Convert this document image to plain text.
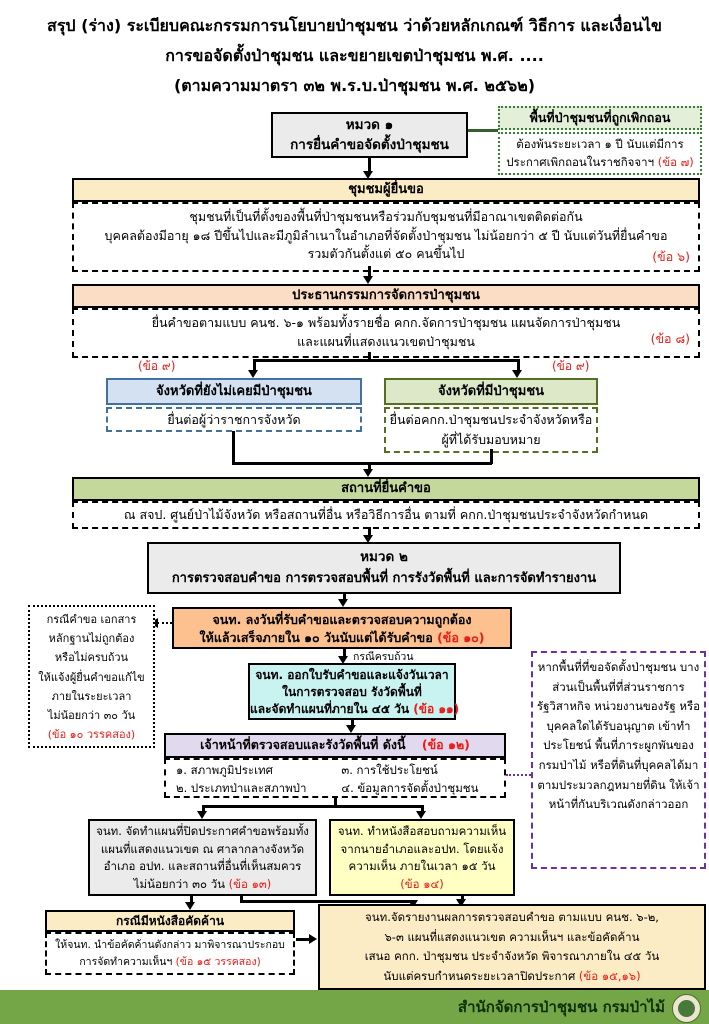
สรุป (ร่าง) ระเบียบคณะกรรมการนโยบายป่าชุมชน ว่าด้วยหลักเกณฑ์ วิธีการ และเงื่อนไข
การขอจัดตั้งป่าชุมชน และขยายเขตป่าชุมชน พ.ศ. ....
(ตามความมาตรา ๓๒ พ.ร.บ.ป่าชุมชน พ.ศ. ๒๕๖๒)
หมวด ๑
การยื่นคำขอจัดตั้งป่าชุมชน
พื้นที่ป่าชุมชนที่ถูกเพิกถอน
ต้องพ้นระยะเวลา ๑ ปี นับแต่มีการประกาศเพิกถอนในราชกิจจาฯ (ข้อ ๗)
ชุมชมผู้ยื่นขอ
ชุมชนที่เป็นที่ตั้งของพื้นที่ป่าชุมชนหรือร่วมกับชุมชนที่มีอาณาเขตติดต่อกัน
บุคคลต้องมีอายุ ๑๘ ปีขึ้นไปและมีภูมิลำเนาในอำเภอที่จัดตั้งป่าชุมชน ไม่น้อยกว่า ๕ ปี นับแต่วันที่ยื่นคำขอ
รวมตัวกันตั้งแต่ ๕๐ คนขึ้นไป	(ข้อ ๖)
ประธานกรรมการจัดการป่าชุมชน
ยื่นคำขอตามแบบ คนช. ๖-๑ พร้อมทั้งรายชื่อ คกก.จัดการป่าชุมชน แผนจัดการป่าชุมชน
และแผนที่แสดงแนวเขตป่าชุมชน	(ข้อ ๘)
(ข้อ ๙)	(ข้อ ๙)
จังหวัดที่ยังไม่เคยมีป่าชุมชน
ยื่นต่อผู้ว่าราชการจังหวัด
จังหวัดที่มีป่าชุมชน
ยื่นต่อคกก.ป่าชุมชนประจำจังหวัดหรือผู้ที่ได้รับมอบหมาย
สถานที่ยื่นคำขอ
ณ สจป. ศูนย์ป่าไม้จังหวัด หรือสถานที่อื่น หรือวิธีการอื่น ตามที่ คกก.ป่าชุมชนประจำจังหวัดกำหนด
หมวด ๒
การตรวจสอบคำขอ การตรวจสอบพื้นที่ การรังวัดพื้นที่ และการจัดทำรายงาน
จนท. ลงวันที่รับคำขอและตรวจสอบความถูกต้อง
ให้แล้วเสร็จภายใน ๑๐ วันนับแต่ได้รับคำขอ (ข้อ ๑๐)
กรณีคำขอ เอกสาร
หลักฐานไม่ถูกต้อง
หรือไม่ครบถ้วน
ให้แจ้งผู้ยื่นคำขอแก้ไข
ภายในระยะเวลา
ไม่น้อยกว่า ๓๐ วัน
(ข้อ ๑๐ วรรคสอง)
กรณีครบถ้วน
จนท. ออกใบรับคำขอและแจ้งวันเวลา
ในการตรวจสอบ รังวัดพื้นที่
และจัดทำแผนที่ภายใน ๔๕ วัน (ข้อ ๑๑)
เจ้าหน้าที่ตรวจสอบและรังวัดพื้นที่ ดังนี้ (ข้อ ๑๒)
๑. สภาพภูมิประเทศ	๓. การใช้ประโยชน์
๒. ประเภทป่าและสภาพป่า	๔. ข้อมูลการจัดตั้งป่าชุมชน
หากพื้นที่ที่ขอจัดตั้งป่าชุมชน บางส่วนเป็นพื้นที่ที่ส่วนราชการ รัฐวิสาหกิจ หน่วยงานของรัฐ หรือบุคคลใดได้รับอนุญาต เข้าทำประโยชน์ พื้นที่ภาระผูกพันของกรมป่าไม้ หรือที่ดินที่บุคคลได้มาตามประมวลกฎหมายที่ดิน ให้เจ้าหน้าที่กันบริเวณดังกล่าวออก
จนท. จัดทำแผนที่ปิดประกาศคำขอพร้อมทั้ง
แผนที่แสดงแนวเขต ณ ศาลากลางจังหวัด
อำเภอ อปท. และสถานที่อื่นที่เห็นสมควร
ไม่น้อยกว่า ๓๐ วัน (ข้อ ๑๓)
จนท. ทำหนังสือสอบถามความเห็น
จากนายอำเภอและอปท. โดยแจ้ง
ความเห็น ภายในเวลา ๑๕ วัน
(ข้อ ๑๔)
กรณีมีหนังสือคัดค้าน
ให้จนท. นำข้อคัดค้านดังกล่าว มาพิจารณาประกอบ
การจัดทำความเห็นฯ (ข้อ ๑๕ วรรคสอง)
จนท.จัดรายงานผลการตรวจสอบคำขอ ตามแบบ คนช. ๖-๒,
๖-๓ แผนที่แสดงแนวเขต ความเห็นฯ และข้อคัดค้าน
เสนอ คกก. ป่าชุมชน ประจำจังหวัด พิจารณาภายใน ๔๕ วัน
นับแต่ครบกำหนดระยะเวลาปิดประกาศ (ข้อ ๑๕,๑๖)
สำนักจัดการป่าชุมชน กรมป่าไม้
